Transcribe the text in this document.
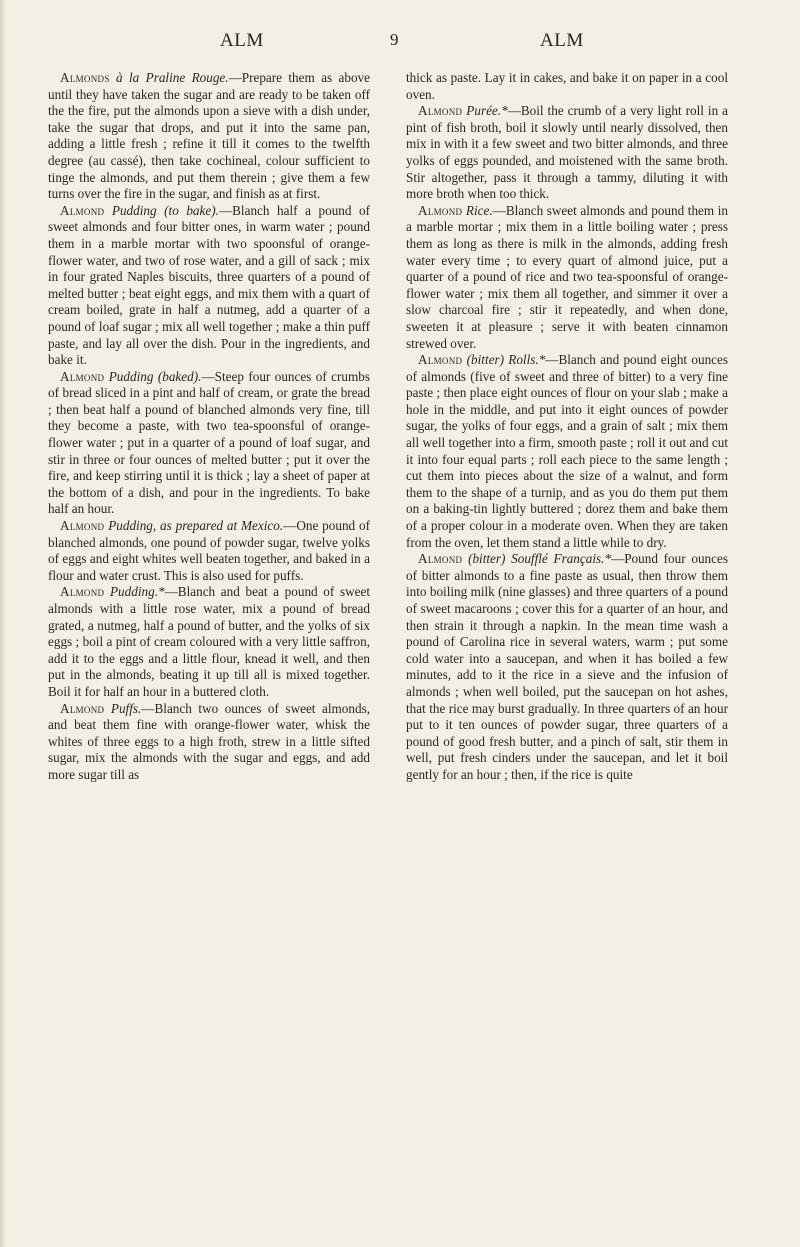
ALM	9	ALM

Almonds à la Praline Rouge.—Prepare them as above until they have taken the sugar and are ready to be taken off the the fire, put the almonds upon a sieve with a dish under, take the sugar that drops, and put it into the same pan, adding a little fresh ; refine it till it comes to the twelfth degree (au cassé), then take cochineal, colour sufficient to tinge the almonds, and put them therein ; give them a few turns over the fire in the sugar, and finish as at first.

Almond Pudding (to bake).—Blanch half a pound of sweet almonds and four bitter ones, in warm water ; pound them in a marble mortar with two spoonsful of orange-flower water, and two of rose water, and a gill of sack ; mix in four grated Naples biscuits, three quarters of a pound of melted butter ; beat eight eggs, and mix them with a quart of cream boiled, grate in half a nutmeg, add a quarter of a pound of loaf sugar ; mix all well together ; make a thin puff paste, and lay all over the dish. Pour in the ingredients, and bake it.

Almond Pudding (baked).—Steep four ounces of crumbs of bread sliced in a pint and half of cream, or grate the bread ; then beat half a pound of blanched almonds very fine, till they become a paste, with two tea-spoonsful of orange-flower water ; put in a quarter of a pound of loaf sugar, and stir in three or four ounces of melted butter ; put it over the fire, and keep stirring until it is thick ; lay a sheet of paper at the bottom of a dish, and pour in the ingredients. To bake half an hour.

Almond Pudding, as prepared at Mexico.—One pound of blanched almonds, one pound of powder sugar, twelve yolks of eggs and eight whites well beaten together, and baked in a flour and water crust. This is also used for puffs.

Almond Pudding.*—Blanch and beat a pound of sweet almonds with a little rose water, mix a pound of bread grated, a nutmeg, half a pound of butter, and the yolks of six eggs ; boil a pint of cream coloured with a very little saffron, add it to the eggs and a little flour, knead it well, and then put in the almonds, beating it up till all is mixed together. Boil it for half an hour in a buttered cloth.

Almond Puffs.—Blanch two ounces of sweet almonds, and beat them fine with orange-flower water, whisk the whites of three eggs to a high froth, strew in a little sifted sugar, mix the almonds with the sugar and eggs, and add more sugar till as

thick as paste. Lay it in cakes, and bake it on paper in a cool oven.

Almond Purée.*—Boil the crumb of a very light roll in a pint of fish broth, boil it slowly until nearly dissolved, then mix in with it a few sweet and two bitter almonds, and three yolks of eggs pounded, and moistened with the same broth. Stir altogether, pass it through a tammy, diluting it with more broth when too thick.

Almond Rice.—Blanch sweet almonds and pound them in a marble mortar ; mix them in a little boiling water ; press them as long as there is milk in the almonds, adding fresh water every time ; to every quart of almond juice, put a quarter of a pound of rice and two tea-spoonsful of orange-flower water ; mix them all together, and simmer it over a slow charcoal fire ; stir it repeatedly, and when done, sweeten it at pleasure ; serve it with beaten cinnamon strewed over.

Almond (bitter) Rolls.*—Blanch and pound eight ounces of almonds (five of sweet and three of bitter) to a very fine paste ; then place eight ounces of flour on your slab ; make a hole in the middle, and put into it eight ounces of powder sugar, the yolks of four eggs, and a grain of salt ; mix them all well together into a firm, smooth paste ; roll it out and cut it into four equal parts ; roll each piece to the same length ; cut them into pieces about the size of a walnut, and form them to the shape of a turnip, and as you do them put them on a baking-tin lightly buttered ; dorez them and bake them of a proper colour in a moderate oven. When they are taken from the oven, let them stand a little while to dry.

Almond (bitter) Soufflé Français.*—Pound four ounces of bitter almonds to a fine paste as usual, then throw them into boiling milk (nine glasses) and three quarters of a pound of sweet macaroons ; cover this for a quarter of an hour, and then strain it through a napkin. In the mean time wash a pound of Carolina rice in several waters, warm ; put some cold water into a saucepan, and when it has boiled a few minutes, add to it the rice in a sieve and the infusion of almonds ; when well boiled, put the saucepan on hot ashes, that the rice may burst gradually. In three quarters of an hour put to it ten ounces of powder sugar, three quarters of a pound of good fresh butter, and a pinch of salt, stir them in well, put fresh cinders under the saucepan, and let it boil gently for an hour ; then, if the rice is quite
